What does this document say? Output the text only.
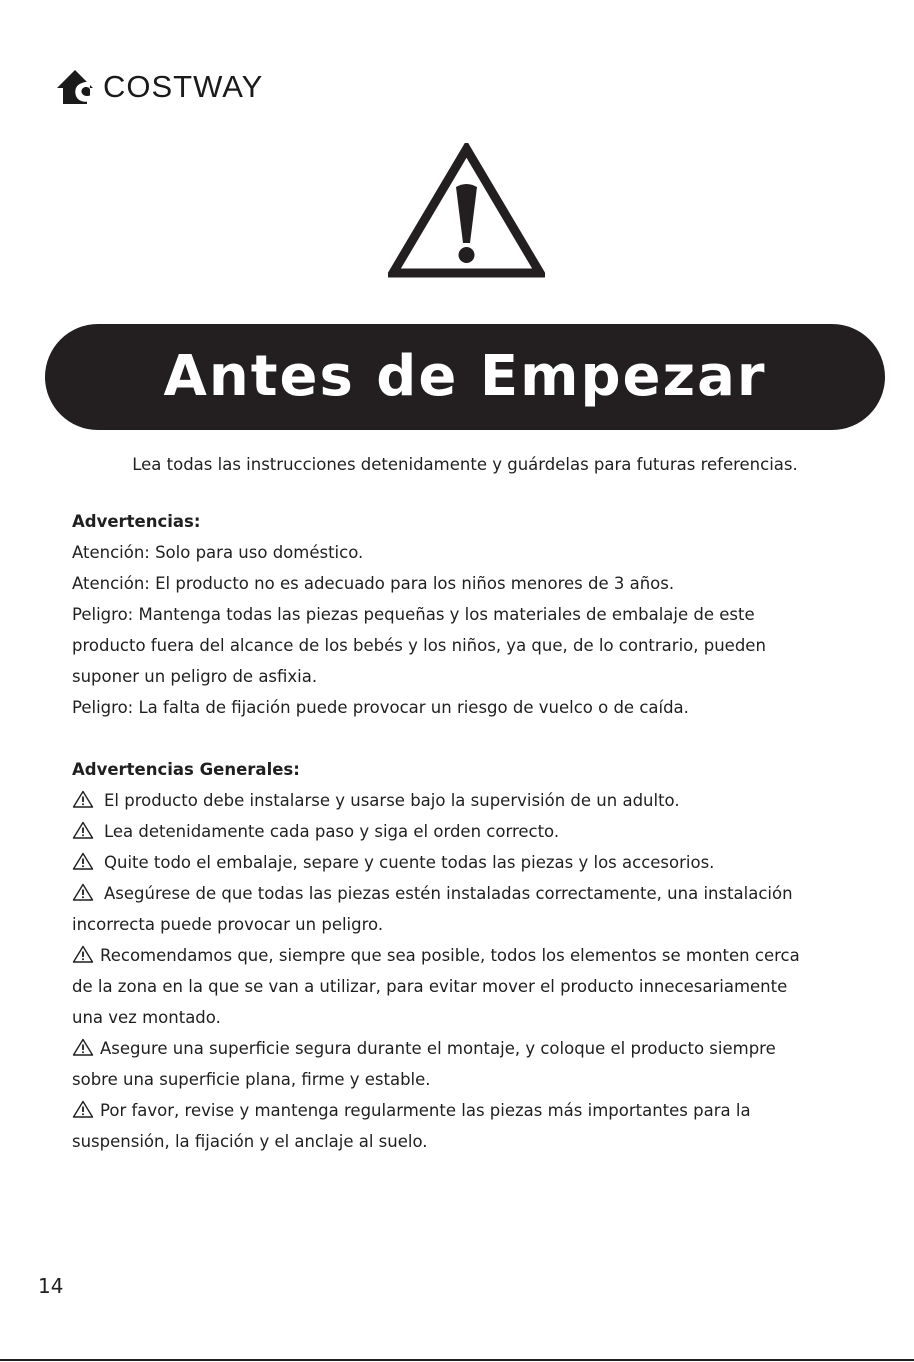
COSTWAY
Antes de Empezar

Lea todas las instrucciones detenidamente y guárdelas para futuras referencias.

Advertencias:

Atención: Solo para uso doméstico.

Atención: El producto no es adecuado para los niños menores de 3 años.

Peligro: Mantenga todas las piezas pequeñas y los materiales de embalaje de este

producto fuera del alcance de los bebés y los niños, ya que, de lo contrario, pueden

suponer un peligro de asfixia.

Peligro: La falta de fijación puede provocar un riesgo de vuelco o de caída.

Advertencias Generales:

El producto debe instalarse y usarse bajo la supervisión de un adulto.

Lea detenidamente cada paso y siga el orden correcto.

Quite todo el embalaje, separe y cuente todas las piezas y los accesorios.

Asegúrese de que todas las piezas estén instaladas correctamente, una instalación

incorrecta puede provocar un peligro.

Recomendamos que, siempre que sea posible, todos los elementos se monten cerca

de la zona en la que se van a utilizar, para evitar mover el producto innecesariamente

una vez montado.

Asegure una superficie segura durante el montaje, y coloque el producto siempre

sobre una superficie plana, firme y estable.

Por favor, revise y mantenga regularmente las piezas más importantes para la

suspensión, la fijación y el anclaje al suelo.

14
